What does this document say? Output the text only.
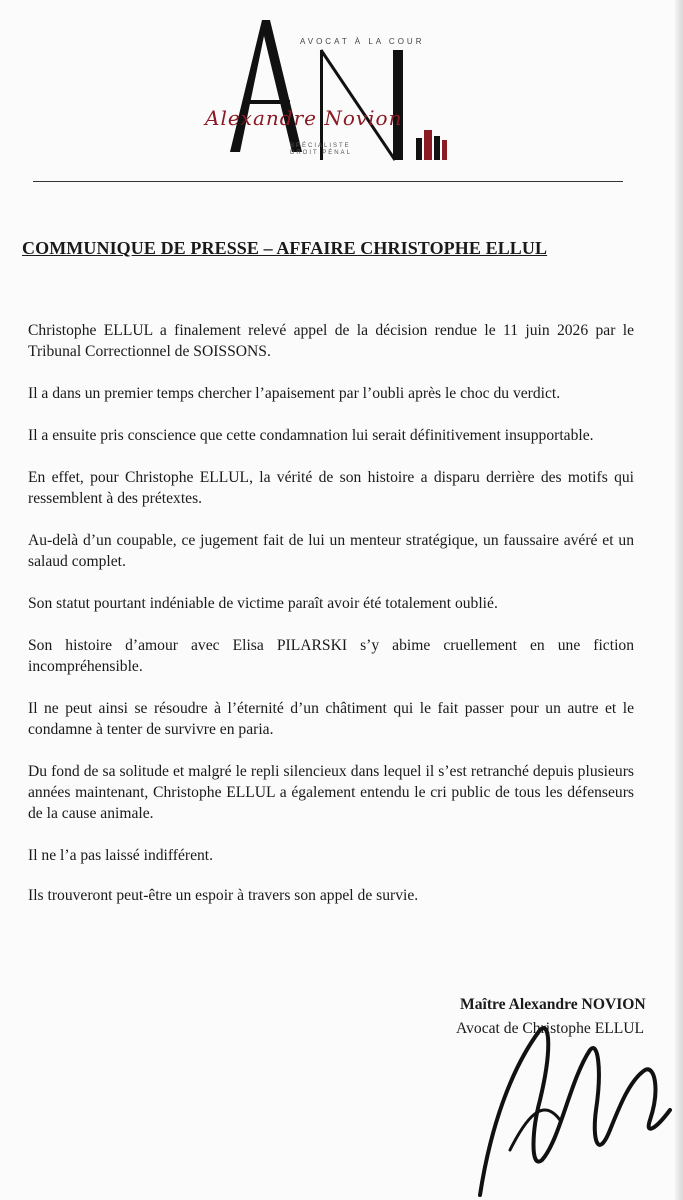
AVOCAT À LA COUR
Alexandre Novion
SPÉCIALISTE
DROIT PÉNAL
COMMUNIQUE DE PRESSE – AFFAIRE CHRISTOPHE ELLUL

Christophe ELLUL a finalement relevé appel de la décision rendue le 11 juin 2026 par le Tribunal Correctionnel de SOISSONS.

Il a dans un premier temps chercher l’apaisement par l’oubli après le choc du verdict.

Il a ensuite pris conscience que cette condamnation lui serait définitivement insupportable.

En effet, pour Christophe ELLUL, la vérité de son histoire a disparu derrière des motifs qui ressemblent à des prétextes.

Au-delà d’un coupable, ce jugement fait de lui un menteur stratégique, un faussaire avéré et un salaud complet.

Son statut pourtant indéniable de victime paraît avoir été totalement oublié.

Son histoire d’amour avec Elisa PILARSKI s’y abime cruellement en une fiction incompréhensible.

Il ne peut ainsi se résoudre à l’éternité d’un châtiment qui le fait passer pour un autre et le condamne à tenter de survivre en paria.

Du fond de sa solitude et malgré le repli silencieux dans lequel il s’est retranché depuis plusieurs années maintenant, Christophe ELLUL a également entendu le cri public de tous les défenseurs de la cause animale.

Il ne l’a pas laissé indifférent.

Ils trouveront peut-être un espoir à travers son appel de survie.

Maître Alexandre NOVION
Avocat de Christophe ELLUL
